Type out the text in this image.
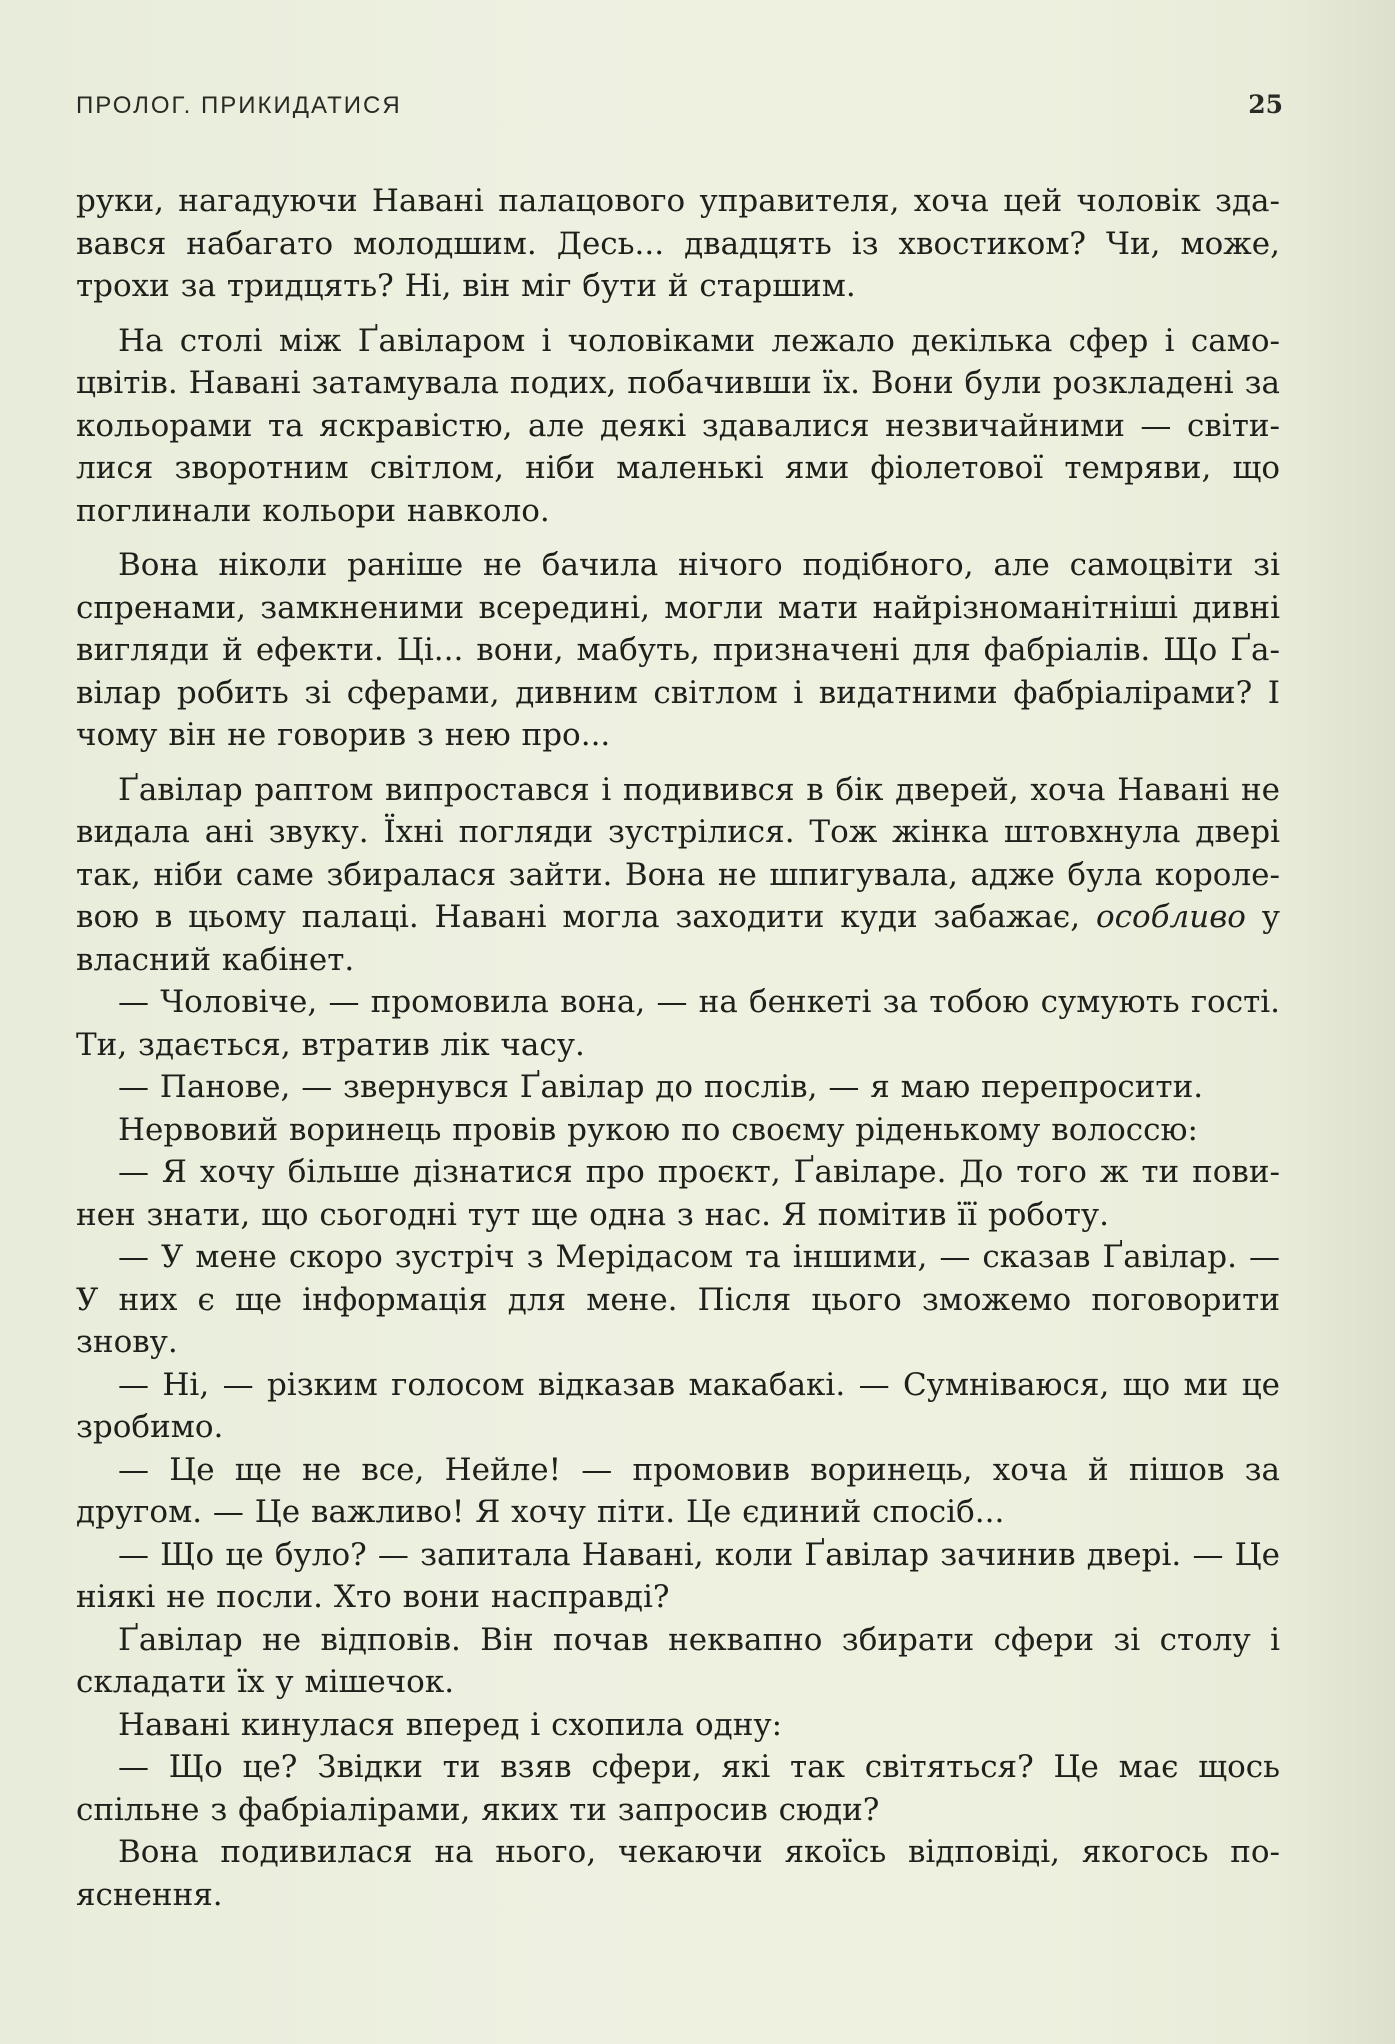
ПРОЛОГ. ПРИКИДАТИСЯ	25

руки, нагадуючи Навані палацового управителя, хоча цей чоловік здавався набагато молодшим. Десь... двадцять із хвостиком? Чи, може, трохи за тридцять? Ні, він міг бути й старшим.

На столі між Ґавіларом і чоловіками лежало декілька сфер і самоцвітів. Навані затамувала подих, побачивши їх. Вони були розкладені за кольорами та яскравістю, але деякі здавалися незвичайними — світилися зворотним світлом, ніби маленькі ями фіолетової темряви, що поглинали кольори навколо.

Вона ніколи раніше не бачила нічого подібного, але самоцвіти зі спренами, замкненими всередині, могли мати найрізноманітніші дивні вигляди й ефекти. Ці... вони, мабуть, призначені для фабріалів. Що Ґавілар робить зі сферами, дивним світлом і видатними фабріалірами? І чому він не говорив з нею про...

Ґавілар раптом випростався і подивився в бік дверей, хоча Навані не видала ані звуку. Їхні погляди зустрілися. Тож жінка штовхнула двері так, ніби саме збиралася зайти. Вона не шпигувала, адже була королевою в цьому палаці. Навані могла заходити куди забажає, особливо у власний кабінет.

— Чоловіче, — промовила вона, — на бенкеті за тобою сумують гості. Ти, здається, втратив лік часу.

— Панове, — звернувся Ґавілар до послів, — я маю перепросити.

Нервовий воринець провів рукою по своєму ріденькому волоссю:

— Я хочу більше дізнатися про проєкт, Ґавіларе. До того ж ти повинен знати, що сьогодні тут ще одна з нас. Я помітив її роботу.

— У мене скоро зустріч з Мерідасом та іншими, — сказав Ґавілар. — У них є ще інформація для мене. Після цього зможемо поговорити знову.

— Ні, — різким голосом відказав макабакі. — Сумніваюся, що ми це зробимо.

— Це ще не все, Нейле! — промовив воринець, хоча й пішов за другом. — Це важливо! Я хочу піти. Це єдиний спосіб...

— Що це було? — запитала Навані, коли Ґавілар зачинив двері. — Це ніякі не посли. Хто вони насправді?

Ґавілар не відповів. Він почав неквапно збирати сфери зі столу і складати їх у мішечок.

Навані кинулася вперед і схопила одну:

— Що це? Звідки ти взяв сфери, які так світяться? Це має щось спільне з фабріалірами, яких ти запросив сюди?

Вона подивилася на нього, чекаючи якоїсь відповіді, якогось пояснення.
